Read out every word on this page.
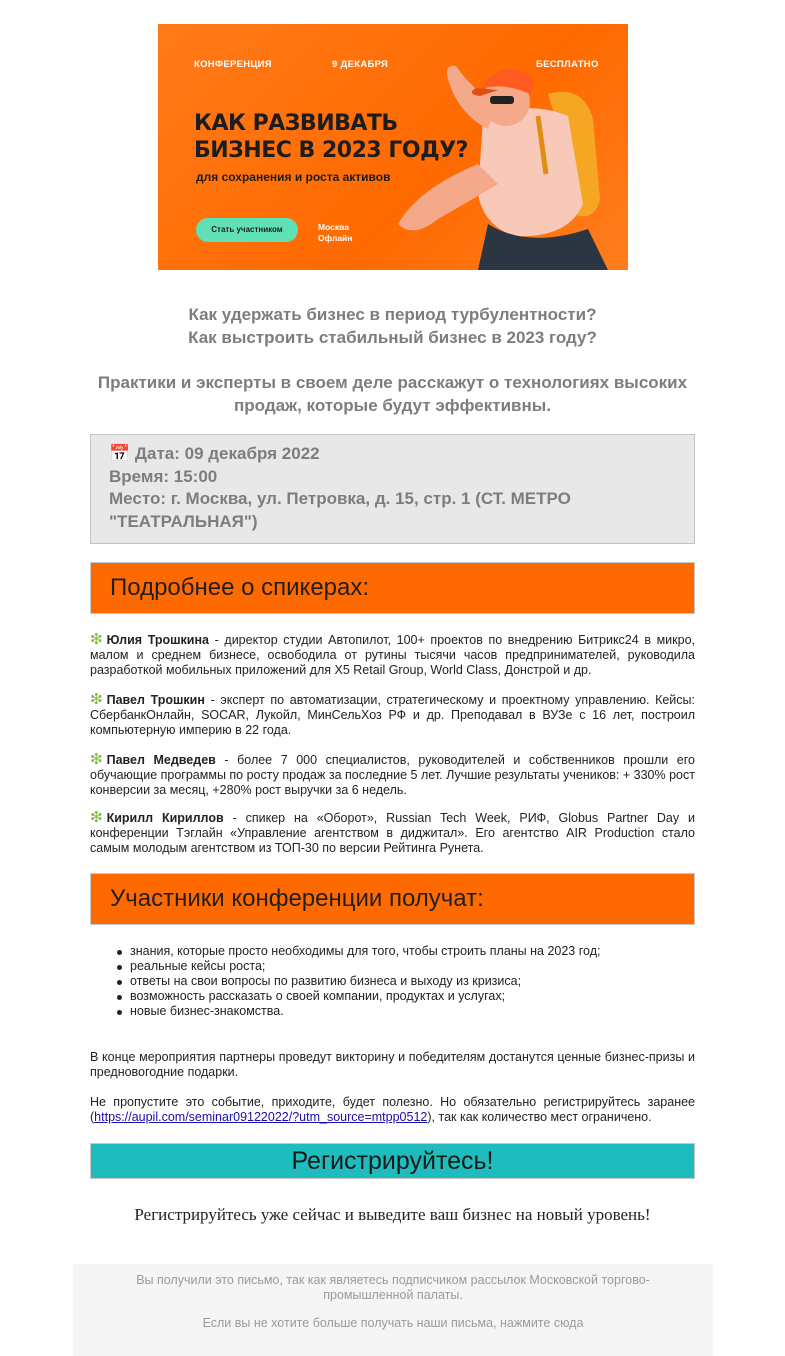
КОНФЕРЕНЦИЯ	9 ДЕКАБРЯ	БЕСПЛАТНО
КАК РАЗВИВАТЬ
БИЗНЕС В 2023 ГОДУ?
для сохранения и роста активов
Стать участником	Москва
Офлайн
Как удержать бизнес в период турбулентности?
Как выстроить стабильный бизнес в 2023 году?
Практики и эксперты в своем деле расскажут о технологиях высоких продаж, которые будут эффективны.
📅 Дата: 09 декабря 2022
Время: 15:00
Место: г. Москва, ул. Петровка, д. 15, стр. 1 (СТ. МЕТРО "ТЕАТРАЛЬНАЯ")
Подробнее о спикерах:
❇ Юлия Трошкина - директор студии Автопилот, 100+ проектов по внедрению Битрикс24 в микро, малом и среднем бизнесе, освободила от рутины тысячи часов предпринимателей, руководила разработкой мобильных приложений для X5 Retail Group, World Class, Донстрой и др.
❇ Павел Трошкин - эксперт по автоматизации, стратегическому и проектному управлению. Кейсы: СбербанкОнлайн, SOCAR, Лукойл, МинСельХоз РФ и др. Преподавал в ВУЗе с 16 лет, построил компьютерную империю в 22 года.
❇ Павел Медведев - более 7 000 специалистов, руководителей и собственников прошли его обучающие программы по росту продаж за последние 5 лет. Лучшие результаты учеников: + 330% рост конверсии за месяц, +280% рост выручки за 6 недель.
❇ Кирилл Кириллов - спикер на «Оборот», Russian Tech Week, РИФ, Globus Partner Day и конференции Тэглайн «Управление агентством в диджитал». Его агентство AIR Production стало самым молодым агентством из ТОП-30 по версии Рейтинга Рунета.
Участники конференции получат:
знания, которые просто необходимы для того, чтобы строить планы на 2023 год;
реальные кейсы роста;
ответы на свои вопросы по развитию бизнеса и выходу из кризиса;
возможность рассказать о своей компании, продуктах и услугах;
новые бизнес-знакомства.
В конце мероприятия партнеры проведут викторину и победителям достанутся ценные бизнес-призы и предновогодние подарки.
Не пропустите это событие, приходите, будет полезно. Но обязательно регистрируйтесь заранее (https://aupil.com/seminar09122022/?utm_source=mtpp0512), так как количество мест ограничено.
Регистрируйтесь!
Регистрируйтесь уже сейчас и выведите ваш бизнес на новый уровень!
Вы получили это письмо, так как являетесь подписчиком рассылок Московской торгово-промышленной палаты.
Если вы не хотите больше получать наши письма, нажмите сюда
